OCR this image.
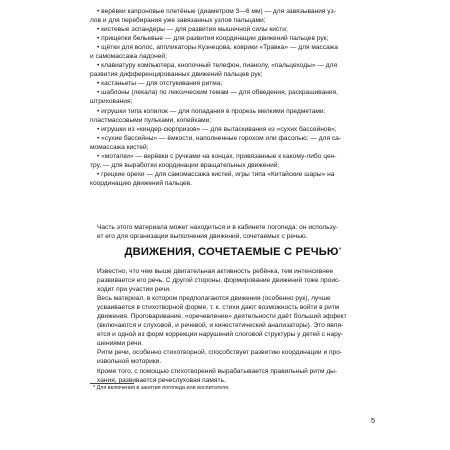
• верёвки капроновые плетёные (диаметром 3—6 мм) — для завязывания уз-

лов и для перебирания уже завязанных узлов пальцами;

• кистевые эспандеры — для развития мышечной силы кисти;

• прищепки бельевые — для развития координации движений пальцев рук;

• щётки для волос, аппликаторы Кузнецова, коврики «Травка» — для массажа

и самомассажа ладоней;

• клавиатуру компьютера, кнопочный телефон, пианолу, «пальцеходы» — для

развития дифференцированных движений пальцев рук;

• кастаньеты — для отстукивания ритма;

• шаблоны (лекала) по лексическим темам — для обведения, раскрашивания,

штрихования;

• игрушки типа копилок — для попадания в прорезь мелкими предметами:

пластмассовыми пульками, копейками;

• игрушки из «киндер-сюрпризов» — для вытаскивания из «сухих бассейнов»;

• «сухие бассейны» — ёмкости, наполненные горохом или фасолью; — для са-

момассажа кистей;

• «моталки» — верёвки с ручками на концах, привязанные к какому-либо цен-

тру, — для выработки координации вращательных движений;

• грецкие орехи — для самомассажа кистей, игры типа «Китайские шары» на

координацию движений пальцев.

Часть этого материала может находиться и в кабинете логопеда: он использу-

ет его для организации выполнения движений, сочетаемых с речью.

ДВИЖЕНИЯ, СОЧЕТАЕМЫЕ С РЕЧЬЮ*

Известно, что чем выше двигательная активность ребёнка, тем интенсивнее

развивается его речь. С другой стороны, формирование движений тоже проис-

ходит при участии речи.

Весь материал, в котором предполагаются движения (особенно рук), лучше

усваивается в стихотворной форме, т. к. стихи дают возможность войти в ритм

движения. Проговаривание, «оречевление» деятельности даёт больший эффект

(включаются и слуховой, и речевой, и кинестетический анализаторы). Это явля-

ется и одной из форм коррекции нарушений слоговой структуры у детей с нару-

шениями речи.

Ритм речи, особенно стихотворной, способствует развитию координации и про-

извольной моторики.

Кроме того, с помощью стихотворений вырабатывается правильный ритм ды-

хания, развивается речеслуховая память.

* Для включения в занятия логопеда или воспитателя.
5
